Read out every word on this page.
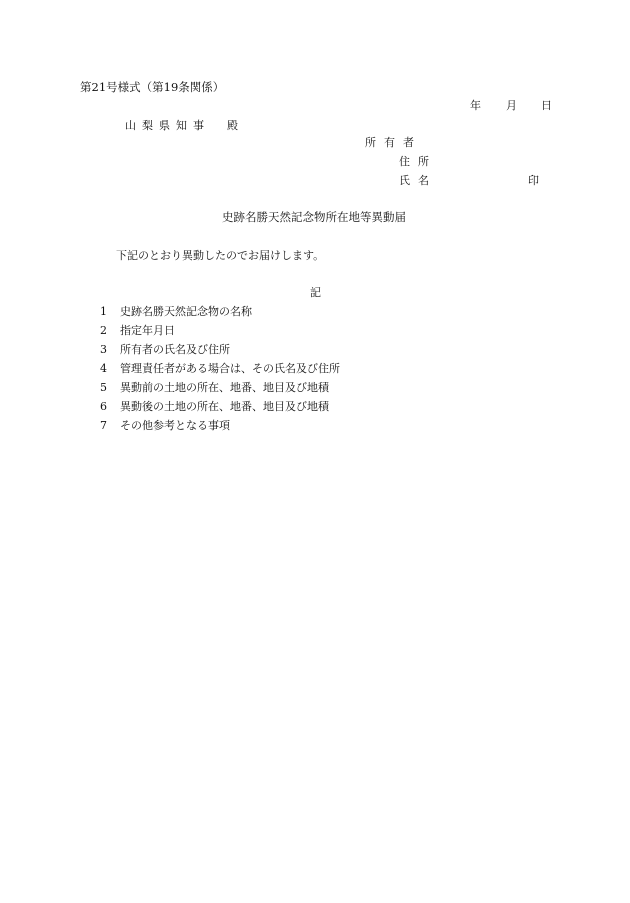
第21号様式（第19条関係）
年 月 日
山梨県知事　殿
所有者
住所
氏名	印
史跡名勝天然記念物所在地等異動届
下記のとおり異動したのでお届けします。
記
1 史跡名勝天然記念物の名称
2 指定年月日
3 所有者の氏名及び住所
4 管理責任者がある場合は、その氏名及び住所
5 異動前の土地の所在、地番、地目及び地積
6 異動後の土地の所在、地番、地目及び地積
7 その他参考となる事項
